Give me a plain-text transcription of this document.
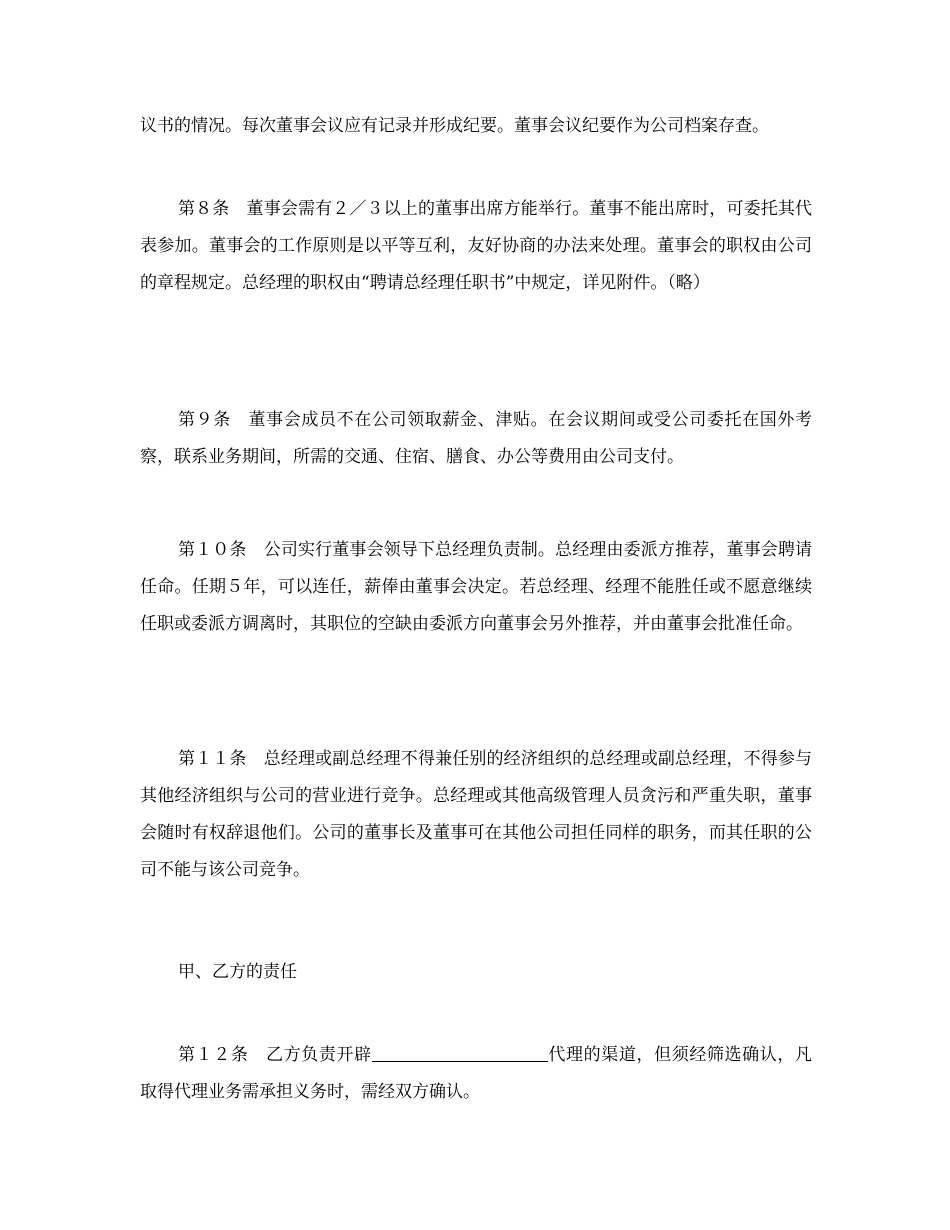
议书的情况。每次董事会议应有记录并形成纪要。董事会议纪要作为公司档案存查。

第８条　董事会需有２／３以上的董事出席方能举行。董事不能出席时，可委托其代表参加。董事会的工作原则是以平等互利，友好协商的办法来处理。董事会的职权由公司的章程规定。总经理的职权由“聘请总经理任职书”中规定，详见附件。（略）

第９条　董事会成员不在公司领取薪金、津贴。在会议期间或受公司委托在国外考察，联系业务期间，所需的交通、住宿、膳食、办公等费用由公司支付。

第１０条　公司实行董事会领导下总经理负责制。总经理由委派方推荐，董事会聘请任命。任期５年，可以连任，薪俸由董事会决定。若总经理、经理不能胜任或不愿意继续任职或委派方调离时，其职位的空缺由委派方向董事会另外推荐，并由董事会批准任命。

第１１条　总经理或副总经理不得兼任别的经济组织的总经理或副总经理，不得参与其他经济组织与公司的营业进行竞争。总经理或其他高级管理人员贪污和严重失职，董事会随时有权辞退他们。公司的董事长及董事可在其他公司担任同样的职务，而其任职的公司不能与该公司竞争。

甲、乙方的责任

第１２条　乙方负责开辟	代理的渠道，但须经筛选确认，凡取得代理业务需承担义务时，需经双方确认。
